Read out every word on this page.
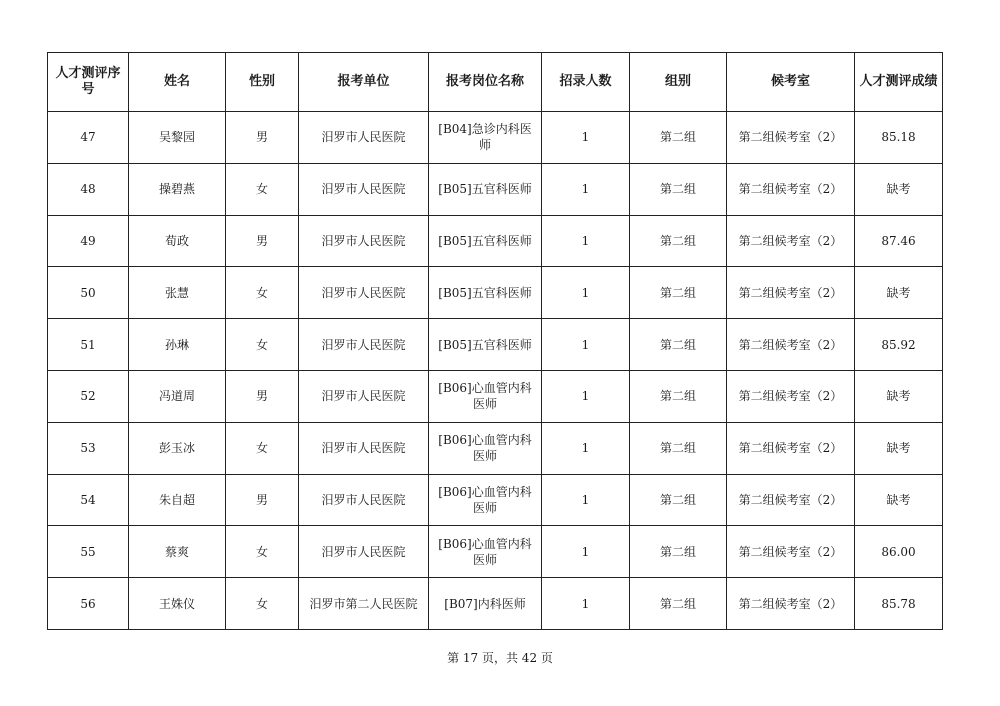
人才测评序号	姓名	性别	报考单位	报考岗位名称	招录人数	组别	候考室	人才测评成绩
47	吴黎园	男	汨罗市人民医院	[B04]急诊内科医师	1	第二组	第二组候考室（2）	85.18
48	操碧燕	女	汨罗市人民医院	[B05]五官科医师	1	第二组	第二组候考室（2）	缺考
49	荀政	男	汨罗市人民医院	[B05]五官科医师	1	第二组	第二组候考室（2）	87.46
50	张慧	女	汨罗市人民医院	[B05]五官科医师	1	第二组	第二组候考室（2）	缺考
51	孙琳	女	汨罗市人民医院	[B05]五官科医师	1	第二组	第二组候考室（2）	85.92
52	冯道周	男	汨罗市人民医院	[B06]心血管内科医师	1	第二组	第二组候考室（2）	缺考
53	彭玉冰	女	汨罗市人民医院	[B06]心血管内科医师	1	第二组	第二组候考室（2）	缺考
54	朱自超	男	汨罗市人民医院	[B06]心血管内科医师	1	第二组	第二组候考室（2）	缺考
55	蔡爽	女	汨罗市人民医院	[B06]心血管内科医师	1	第二组	第二组候考室（2）	86.00
56	王姝仪	女	汨罗市第二人民医院	[B07]内科医师	1	第二组	第二组候考室（2）	85.78
第 17 页，共 42 页
